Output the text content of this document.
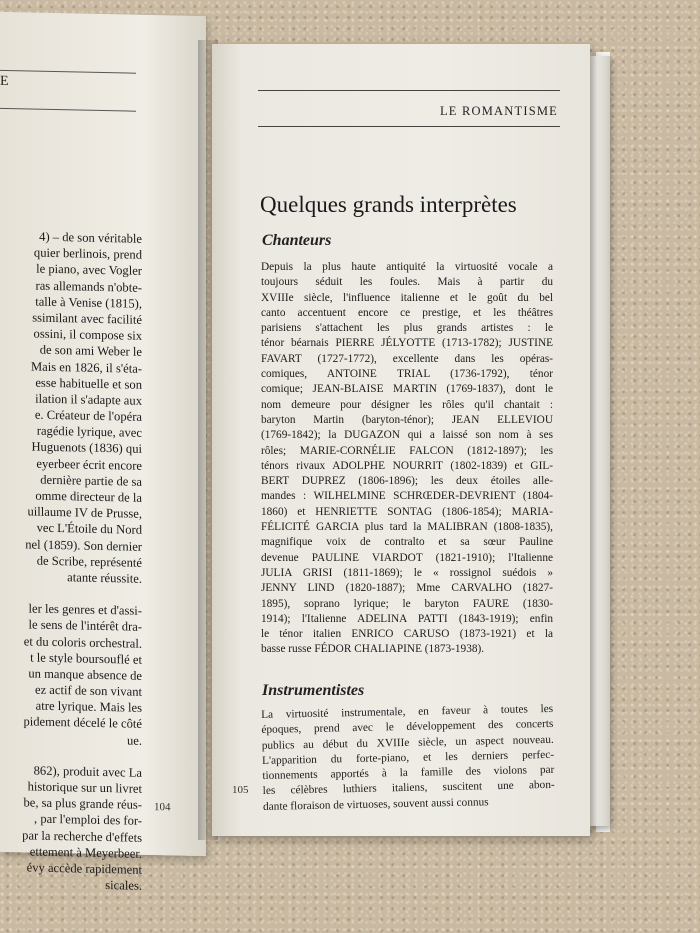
E
4) – de son véritable
quier berlinois, prend
le piano, avec Vogler
ras allemands n'obte-
talle à Venise (1815),
ssimilant avec facilité
ossini, il compose six
de son ami Weber le
Mais en 1826, il s'éta-
esse habituelle et son
ilation il s'adapte aux
e. Créateur de l'opéra
ragédie lyrique, avec
Huguenots (1836) qui
eyerbeer écrit encore
dernière partie de sa
omme directeur de la
uillaume IV de Prusse,
vec L'Étoile du Nord
nel (1859). Son dernier
de Scribe, représenté
atante réussite.
ler les genres et d'assi-
le sens de l'intérêt dra-
et du coloris orchestral.
t le style boursouflé et
un manque absence de
ez actif de son vivant
atre lyrique. Mais les
pidement décelé le côté
ue.
862), produit avec La
historique sur un livret
be, sa plus grande réus-
, par l'emploi des for-
par la recherche d'effets
ettement à Meyerbeer.
évy accède rapidement
sicales.
104
LE ROMANTISME
Quelques grands interprètes
Chanteurs
Depuis la plus haute antiquité la virtuosité vocale a
toujours séduit les foules. Mais à partir du
XVIIIe siècle, l'influence italienne et le goût du bel
canto accentuent encore ce prestige, et les théâtres
parisiens s'attachent les plus grands artistes : le
ténor béarnais PIERRE JÉLYOTTE (1713-1782); JUSTINE
FAVART (1727-1772), excellente dans les opéras-
comiques, ANTOINE TRIAL (1736-1792), ténor
comique; JEAN-BLAISE MARTIN (1769-1837), dont le
nom demeure pour désigner les rôles qu'il chantait :
baryton Martin (baryton-ténor); JEAN ELLEVIOU
(1769-1842); la DUGAZON qui a laissé son nom à ses
rôles; MARIE-CORNÉLIE FALCON (1812-1897); les
ténors rivaux ADOLPHE NOURRIT (1802-1839) et GIL-
BERT DUPREZ (1806-1896); les deux étoiles alle-
mandes : WILHELMINE SCHRŒDER-DEVRIENT (1804-
1860) et HENRIETTE SONTAG (1806-1854); MARIA-
FÉLICITÉ GARCIA plus tard la MALIBRAN (1808-1835),
magnifique voix de contralto et sa sœur Pauline
devenue PAULINE VIARDOT (1821-1910); l'Italienne
JULIA GRISI (1811-1869); le « rossignol suédois »
JENNY LIND (1820-1887); Mme CARVALHO (1827-
1895), soprano lyrique; le baryton FAURE (1830-
1914); l'Italienne ADELINA PATTI (1843-1919); enfin
le ténor italien ENRICO CARUSO (1873-1921) et la
basse russe FÉDOR CHALIAPINE (1873-1938).
Instrumentistes
La virtuosité instrumentale, en faveur à toutes les
époques, prend avec le développement des concerts
publics au début du XVIIIe siècle, un aspect nouveau.
L'apparition du forte-piano, et les derniers perfec-
tionnements apportés à la famille des violons par
les célèbres luthiers italiens, suscitent une abon-
dante floraison de virtuoses, souvent aussi connus
105
